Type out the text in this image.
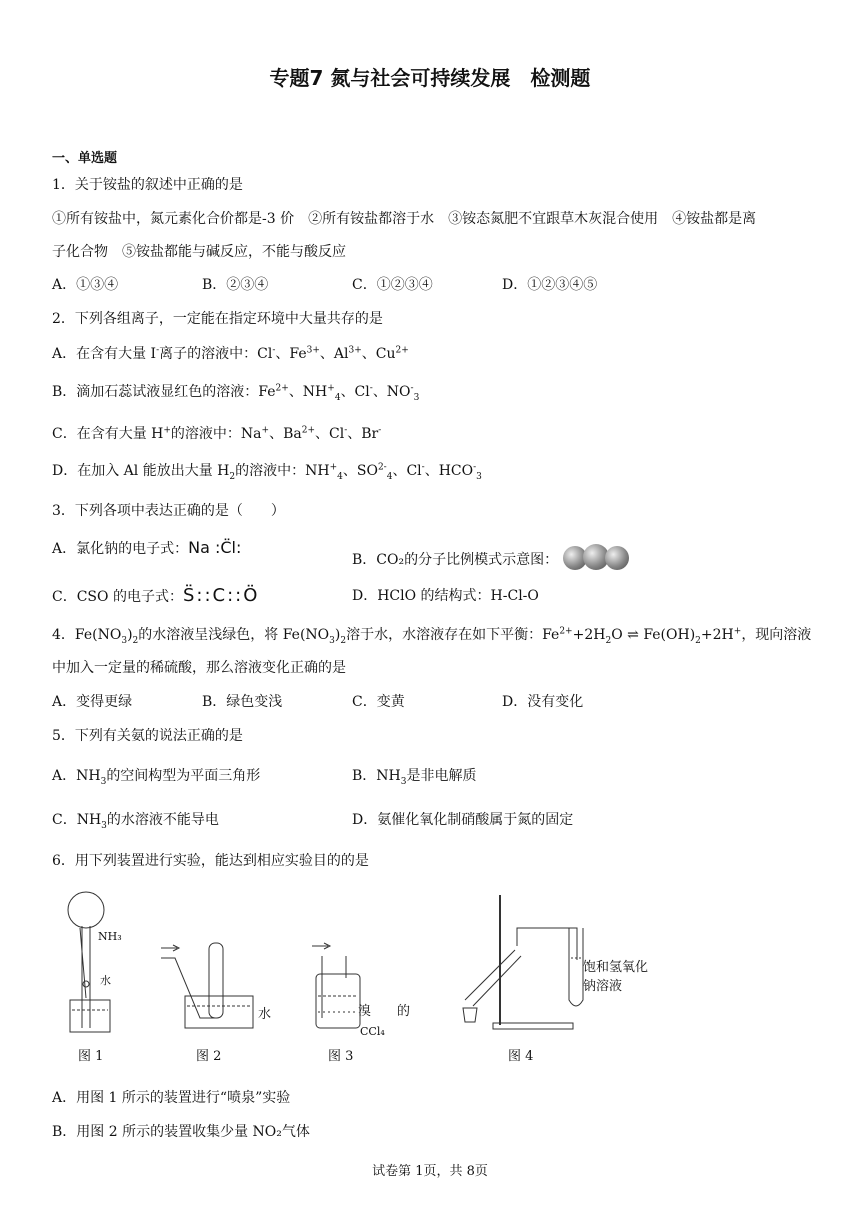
专题7 氮与社会可持续发展　检测题
一、单选题
1．关于铵盐的叙述中正确的是
①所有铵盐中，氮元素化合价都是-3 价　②所有铵盐都溶于水　③铵态氮肥不宜跟草木灰混合使用　④铵盐都是离
子化合物　⑤铵盐都能与碱反应，不能与酸反应
A．①③④	B．②③④	C．①②③④	D．①②③④⑤
2．下列各组离子，一定能在指定环境中大量共存的是
A．在含有大量 I-离子的溶液中：Cl-、$Fe^{3+}$、$Al^{3+}$、$Cu^{2+}$
B．滴加石蕊试液显红色的溶液：$Fe^{2+}$、$NH^+_4$、Cl-、$NO^-_3$
C．在含有大量 H+的溶液中：Na+、$Ba^{2+}$、Cl-、Br-
D．在加入 Al 能放出大量 $H_2$的溶液中：$NH^+_4$、$SO^{2-}_4$、Cl-、$HCO^-_3$
3．下列各项中表达正确的是（　　）
A．氯化钠的电子式：Na :C̈l:
B．CO₂的分子比例模式示意图：
C．CSO 的电子式：S̈::C::Ö	D．HClO 的结构式：H-Cl-O
4．$Fe(NO_3)_2$的水溶液呈浅绿色，将 $Fe(NO_3)_2$溶于水，水溶液存在如下平衡：$Fe^{2+}+2H_2O$ ⇌ $Fe(OH)_2+2H^+$，现向溶液
中加入一定量的稀硫酸，那么溶液变化正确的是
A．变得更绿	B．绿色变浅	C．变黄	D．没有变化
5．下列有关氨的说法正确的是
A．$NH_3$的空间构型为平面三角形	B．$NH_3$是非电解质
C．$NH_3$的水溶液不能导电	D．氨催化氧化制硝酸属于氮的固定
6．用下列装置进行实验，能达到相应实验目的的是
NH₃
水
水	溴　　的
CCl₄
饱和氢氧化钠溶液
图 1	图 2	图 3	图 4
A．用图 1 所示的装置进行“喷泉”实验
B．用图 2 所示的装置收集少量 NO₂气体
试卷第 1页，共 8页
